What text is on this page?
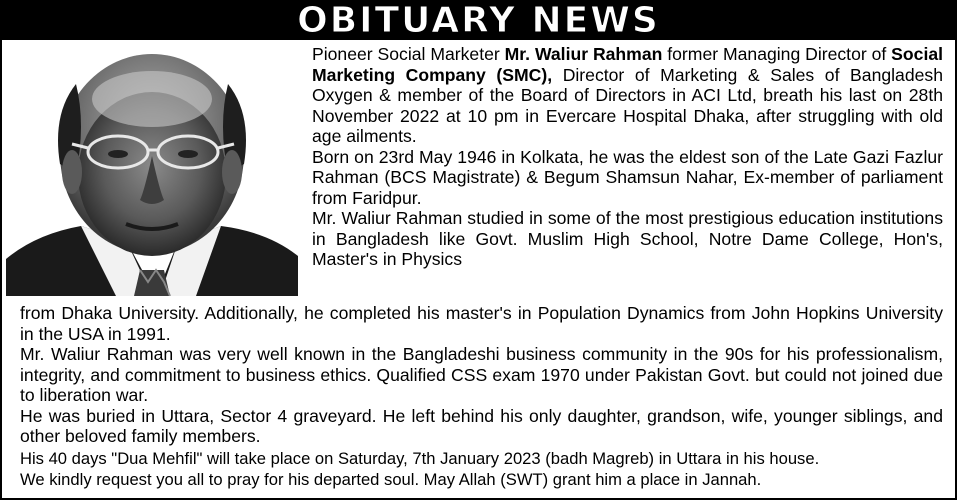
OBITUARY NEWS

Pioneer Social Marketer Mr. Waliur Rahman former Managing Director of Social Marketing Company (SMC), Director of Marketing & Sales of Bangladesh Oxygen & member of the Board of Directors in ACI Ltd, breath his last on 28th November 2022 at 10 pm in Evercare Hospital Dhaka, after struggling with old age ailments.

Born on 23rd May 1946 in Kolkata, he was the eldest son of the Late Gazi Fazlur Rahman (BCS Magistrate) & Begum Shamsun Nahar, Ex-member of parliament from Faridpur.

Mr. Waliur Rahman studied in some of the most prestigious education institutions in Bangladesh like Govt. Muslim High School, Notre Dame College, Hon's, Master's in Physics

from Dhaka University. Additionally, he completed his master's in Population Dynamics from John Hopkins University in the USA in 1991.

Mr. Waliur Rahman was very well known in the Bangladeshi business community in the 90s for his professionalism, integrity, and commitment to business ethics. Qualified CSS exam 1970 under Pakistan Govt. but could not joined due to liberation war.

He was buried in Uttara, Sector 4 graveyard. He left behind his only daughter, grandson, wife, younger siblings, and other beloved family members.

His 40 days "Dua Mehfil" will take place on Saturday, 7th January 2023 (badh Magreb) in Uttara in his house.

We kindly request you all to pray for his departed soul. May Allah (SWT) grant him a place in Jannah.
